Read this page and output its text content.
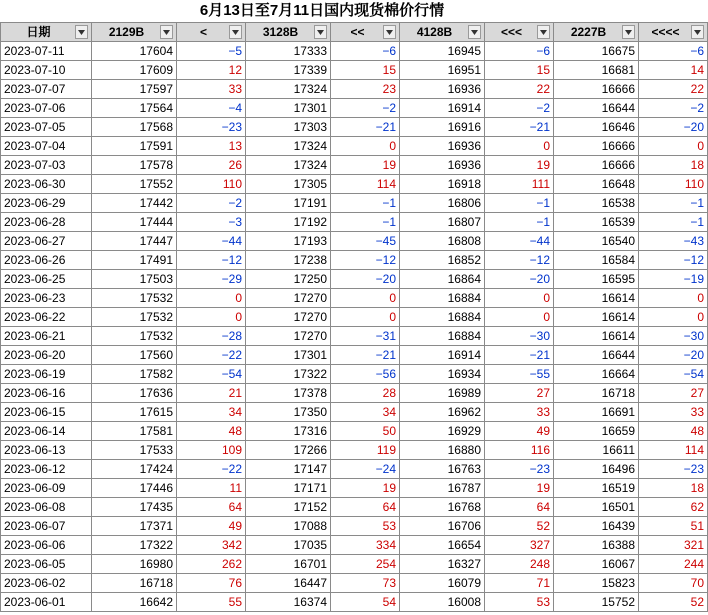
6月13日至7月11日国内现货棉价行情
日期	2129B	<	3128B	<<	4128B	<<<	2227B	<<<<

2023-07-11	17604	−5	17333	−6	16945	−6	16675	−6
2023-07-10	17609	12	17339	15	16951	15	16681	14
2023-07-07	17597	33	17324	23	16936	22	16666	22
2023-07-06	17564	−4	17301	−2	16914	−2	16644	−2
2023-07-05	17568	−23	17303	−21	16916	−21	16646	−20
2023-07-04	17591	13	17324	0	16936	0	16666	0
2023-07-03	17578	26	17324	19	16936	19	16666	18
2023-06-30	17552	110	17305	114	16918	111	16648	110
2023-06-29	17442	−2	17191	−1	16806	−1	16538	−1
2023-06-28	17444	−3	17192	−1	16807	−1	16539	−1
2023-06-27	17447	−44	17193	−45	16808	−44	16540	−43
2023-06-26	17491	−12	17238	−12	16852	−12	16584	−12
2023-06-25	17503	−29	17250	−20	16864	−20	16595	−19
2023-06-23	17532	0	17270	0	16884	0	16614	0
2023-06-22	17532	0	17270	0	16884	0	16614	0
2023-06-21	17532	−28	17270	−31	16884	−30	16614	−30
2023-06-20	17560	−22	17301	−21	16914	−21	16644	−20
2023-06-19	17582	−54	17322	−56	16934	−55	16664	−54
2023-06-16	17636	21	17378	28	16989	27	16718	27
2023-06-15	17615	34	17350	34	16962	33	16691	33
2023-06-14	17581	48	17316	50	16929	49	16659	48
2023-06-13	17533	109	17266	119	16880	116	16611	114
2023-06-12	17424	−22	17147	−24	16763	−23	16496	−23
2023-06-09	17446	11	17171	19	16787	19	16519	18
2023-06-08	17435	64	17152	64	16768	64	16501	62
2023-06-07	17371	49	17088	53	16706	52	16439	51
2023-06-06	17322	342	17035	334	16654	327	16388	321
2023-06-05	16980	262	16701	254	16327	248	16067	244
2023-06-02	16718	76	16447	73	16079	71	15823	70
2023-06-01	16642	55	16374	54	16008	53	15752	52
